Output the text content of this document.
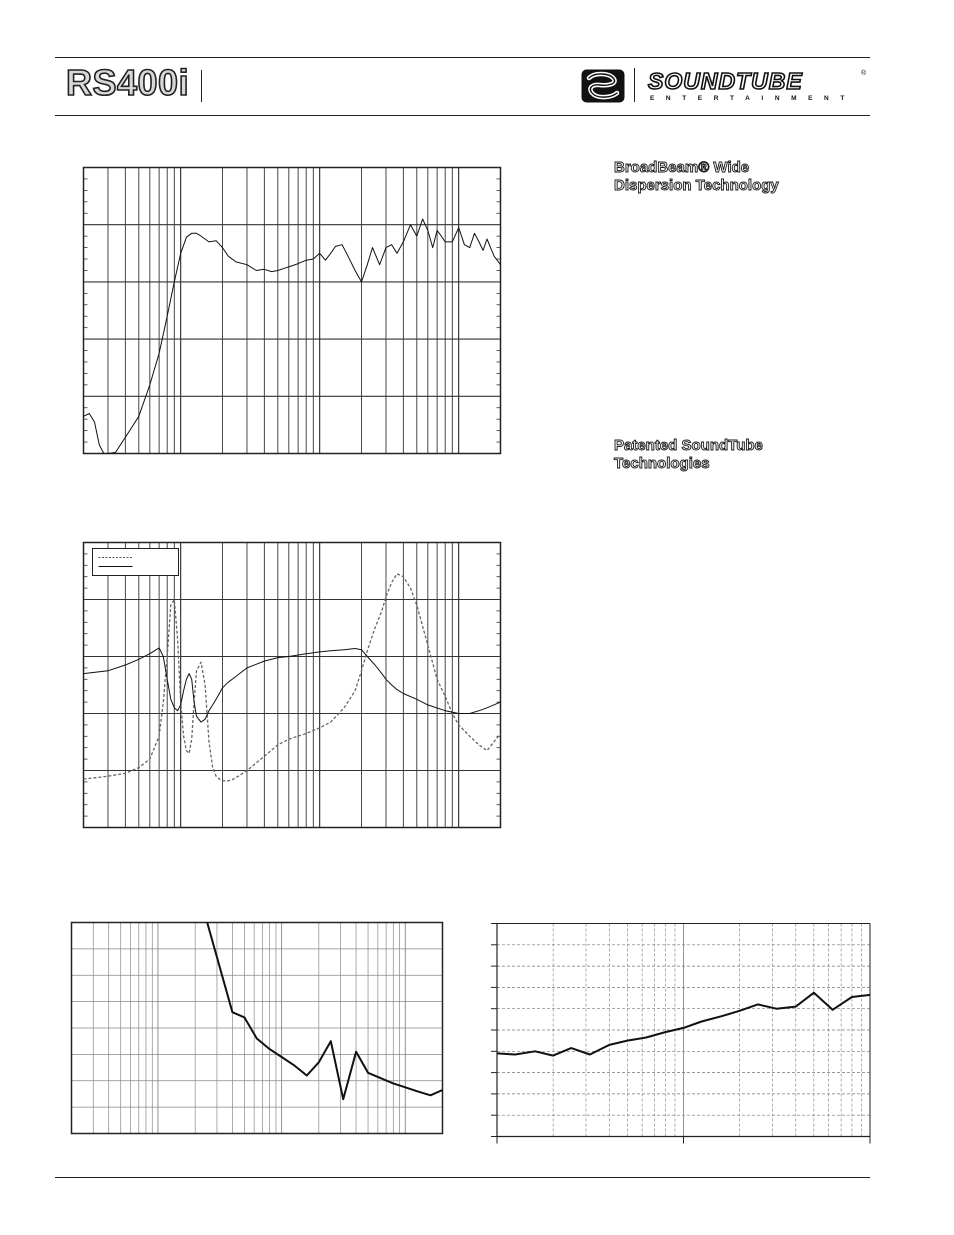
RS400i	SOUNDTUBE	®
ENTERTAINMENT
BroadBeam® Wide
Dispersion Technology
Patented SoundTube
Technologies
